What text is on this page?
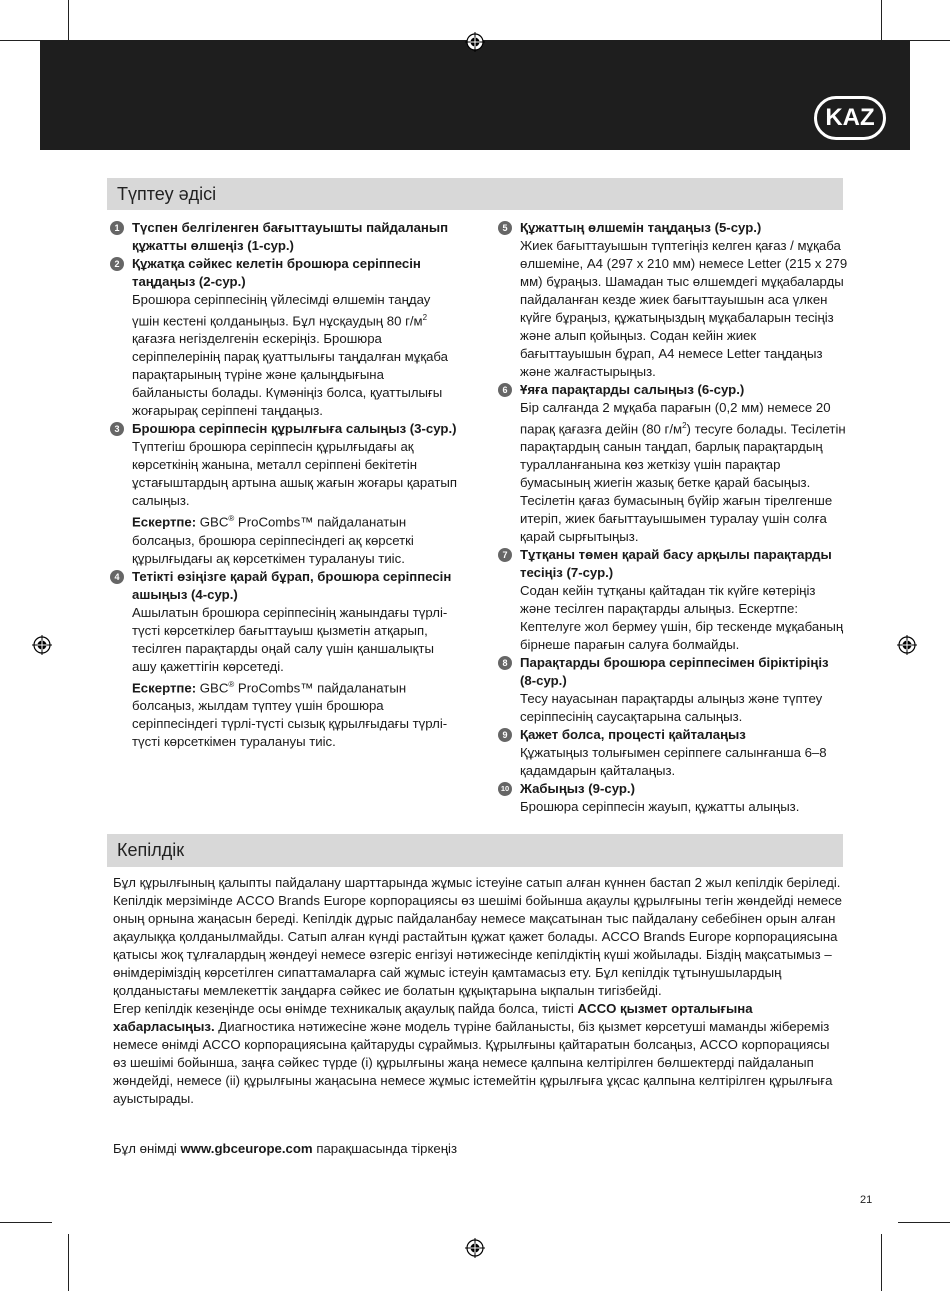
KAZ
Түптеу әдісі
1 Түспен белгіленген бағыттауышты пайдаланып құжатты өлшеңіз (1-сур.)
2 Құжатқа сәйкес келетін брошюра серіппесін таңдаңыз (2-сур.)
Брошюра серіппесінің үйлесімді өлшемін таңдау үшін кестені қолданыңыз. Бұл нұсқаудың 80 $г/м^2$ қағазға негізделгенін ескеріңіз. Брошюра серіппелерінің парақ қуаттылығы таңдалған мұқаба парақтарының түріне және қалыңдығына байланысты болады. Күмәніңіз болса, қуаттылығы жоғарырақ серіппені таңдаңыз.
3 Брошюра серіппесін құрылғыға салыңыз (3-сур.)
Түптегіш брошюра серіппесін құрылғыдағы ақ көрсеткінің жанына, металл серіппені бекітетін ұстағыштардың артына ашық жағын жоғары қаратып салыңыз.
Ескертпе: GBC® ProCombs™ пайдаланатын болсаңыз, брошюра серіппесіндегі ақ көрсеткі құрылғыдағы ақ көрсеткімен туралануы тиіс.
4 Тетікті өзіңізге қарай бұрап, брошюра серіппесін ашыңыз (4-сур.)
Ашылатын брошюра серіппесінің жанындағы түрлі-түсті көрсеткілер бағыттауыш қызметін атқарып, тесілген парақтарды оңай салу үшін қаншалықты ашу қажеттігін көрсетеді.
Ескертпе: GBC® ProCombs™ пайдаланатын болсаңыз, жылдам түптеу үшін брошюра серіппесіндегі түрлі-түсті сызық құрылғыдағы түрлі-түсті көрсеткімен туралануы тиіс.
5 Құжаттың өлшемін таңдаңыз (5-сур.)
Жиек бағыттауышын түптегіңіз келген қағаз / мұқаба өлшеміне, A4 (297 x 210 мм) немесе Letter (215 x 279 мм) бұраңыз. Шамадан тыс өлшемдегі мұқабаларды пайдаланған кезде жиек бағыттауышын аса үлкен күйге бұраңыз, құжатыңыздың мұқабаларын тесіңіз және алып қойыңыз. Содан кейін жиек бағыттауышын бұрап, A4 немесе Letter таңдаңыз және жалғастырыңыз.
6 Ұяға парақтарды салыңыз (6-сур.)
Бір салғанда 2 мұқаба парағын (0,2 мм) немесе 20 парақ қағазға дейін (80 $г/м^2$) тесуге болады. Тесілетін парақтардың санын таңдап, барлық парақтардың туралланғанына көз жеткізу үшін парақтар бумасының жиегін жазық бетке қарай басыңыз. Тесілетін қағаз бумасының бүйір жағын тірелгенше итеріп, жиек бағыттауышымен туралау үшін солға қарай сырғытыңыз.
7 Тұтқаны төмен қарай басу арқылы парақтарды тесіңіз (7-сур.)
Содан кейін тұтқаны қайтадан тік күйге көтеріңіз және тесілген парақтарды алыңыз. Ескертпе: Кептелуге жол бермеу үшін, бір тескенде мұқабаның бірнеше парағын салуға болмайды.
8 Парақтарды брошюра серіппесімен біріктіріңіз (8-сур.)
Тесу науасынан парақтарды алыңыз және түптеу серіппесінің саусақтарына салыңыз.
9 Қажет болса, процесті қайталаңыз
Құжатыңыз толығымен серіппеге салынғанша 6–8 қадамдарын қайталаңыз.
10 Жабыңыз (9-сур.)
Брошюра серіппесін жауып, құжатты алыңыз.
Кепілдік

Бұл құрылғының қалыпты пайдалану шарттарында жұмыс істеуіне сатып алған күннен бастап 2 жыл кепілдік беріледі. Кепілдік мерзімінде ACCO Brands Europe корпорациясы өз шешімі бойынша ақаулы құрылғыны тегін жөндейді немесе оның орнына жаңасын береді. Кепілдік дұрыс пайдаланбау немесе мақсатынан тыс пайдалану себебінен орын алған ақаулыққа қолданылмайды. Сатып алған күнді растайтын құжат қажет болады. ACCO Brands Europe корпорациясына қатысы жоқ тұлғалардың жөндеуі немесе өзгеріс енгізуі нәтижесінде кепілдіктің күші жойылады. Біздің мақсатымыз – өнімдеріміздің көрсетілген сипаттамаларға сай жұмыс істеуін қамтамасыз ету. Бұл кепілдік тұтынушылардың қолданыстағы мемлекеттік заңдарға сәйкес ие болатын құқықтарына ықпалын тигізбейді.

Егер кепілдік кезеңінде осы өнімде техникалық ақаулық пайда болса, тиісті ACCO қызмет орталығына хабарласыңыз. Диагностика нәтижесіне және модель түріне байланысты, біз қызмет көрсетуші маманды жібереміз немесе өнімді ACCO корпорациясына қайтаруды сұраймыз. Құрылғыны қайтаратын болсаңыз, ACCO корпорациясы өз шешімі бойынша, заңға сәйкес түрде (i) құрылғыны жаңа немесе қалпына келтірілген бөлшектерді пайдаланып жөндейді, немесе (ii) құрылғыны жаңасына немесе жұмыс істемейтін құрылғыға ұқсас қалпына келтірілген құрылғыға ауыстырады.

Бұл өнімді www.gbceurope.com парақшасында тіркеңіз
21
